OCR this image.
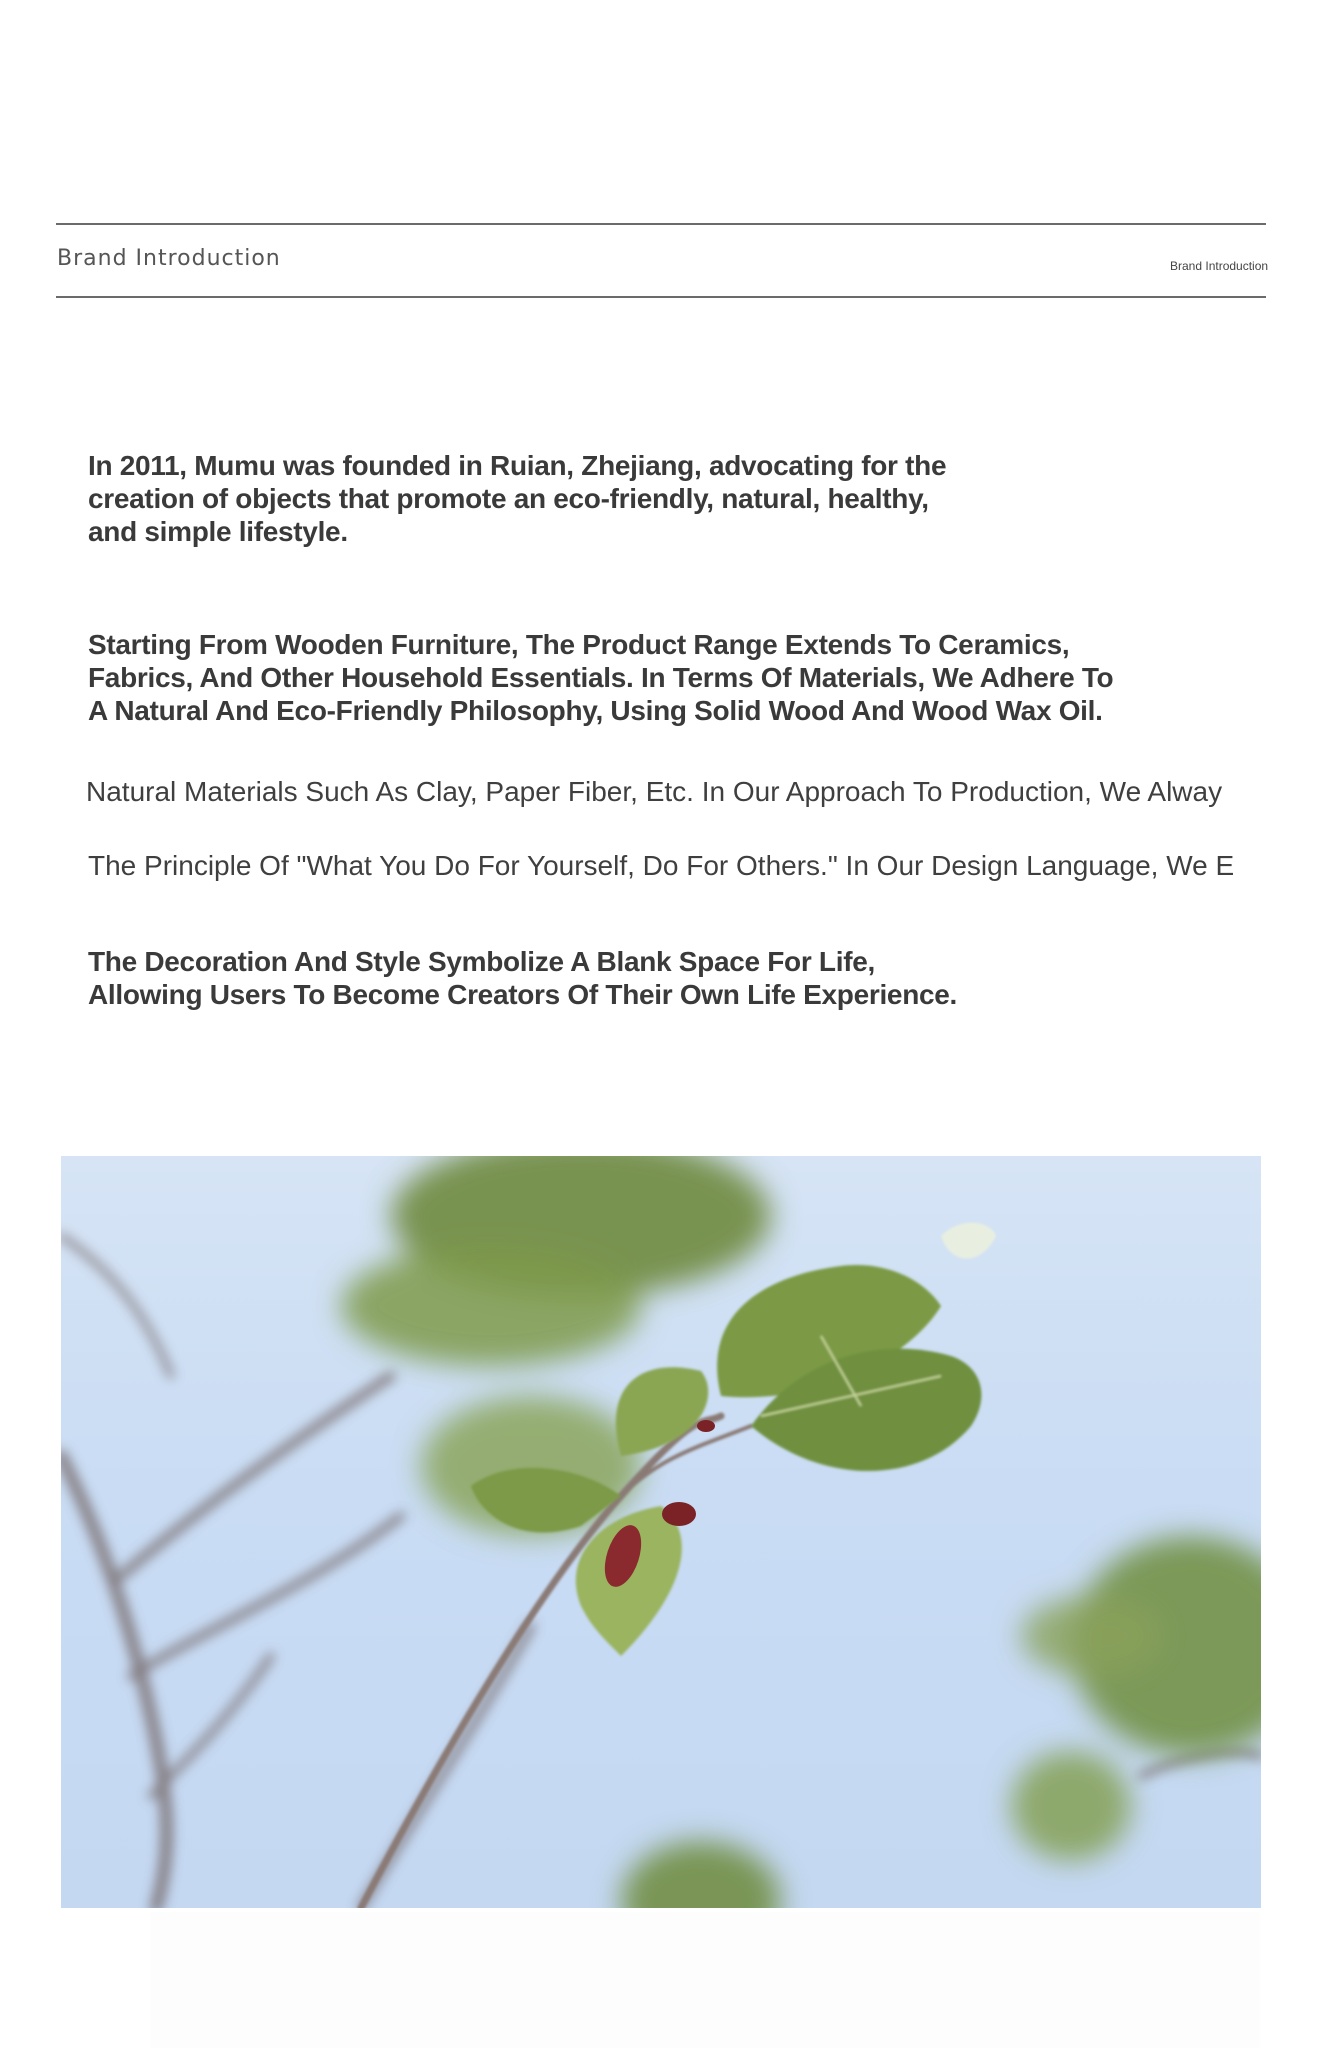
Brand Introduction	Brand Introduction

In 2011, Mumu was founded in Ruian, Zhejiang, advocating for the
creation of objects that promote an eco-friendly, natural, healthy,
and simple lifestyle.

Starting From Wooden Furniture, The Product Range Extends To Ceramics,
Fabrics, And Other Household Essentials. In Terms Of Materials, We Adhere To
A Natural And Eco-Friendly Philosophy, Using Solid Wood And Wood Wax Oil.

Natural Materials Such As Clay, Paper Fiber, Etc. In Our Approach To Production, We Alway

The Principle Of "What You Do For Yourself, Do For Others." In Our Design Language, We E

The Decoration And Style Symbolize A Blank Space For Life,
Allowing Users To Become Creators Of Their Own Life Experience.
